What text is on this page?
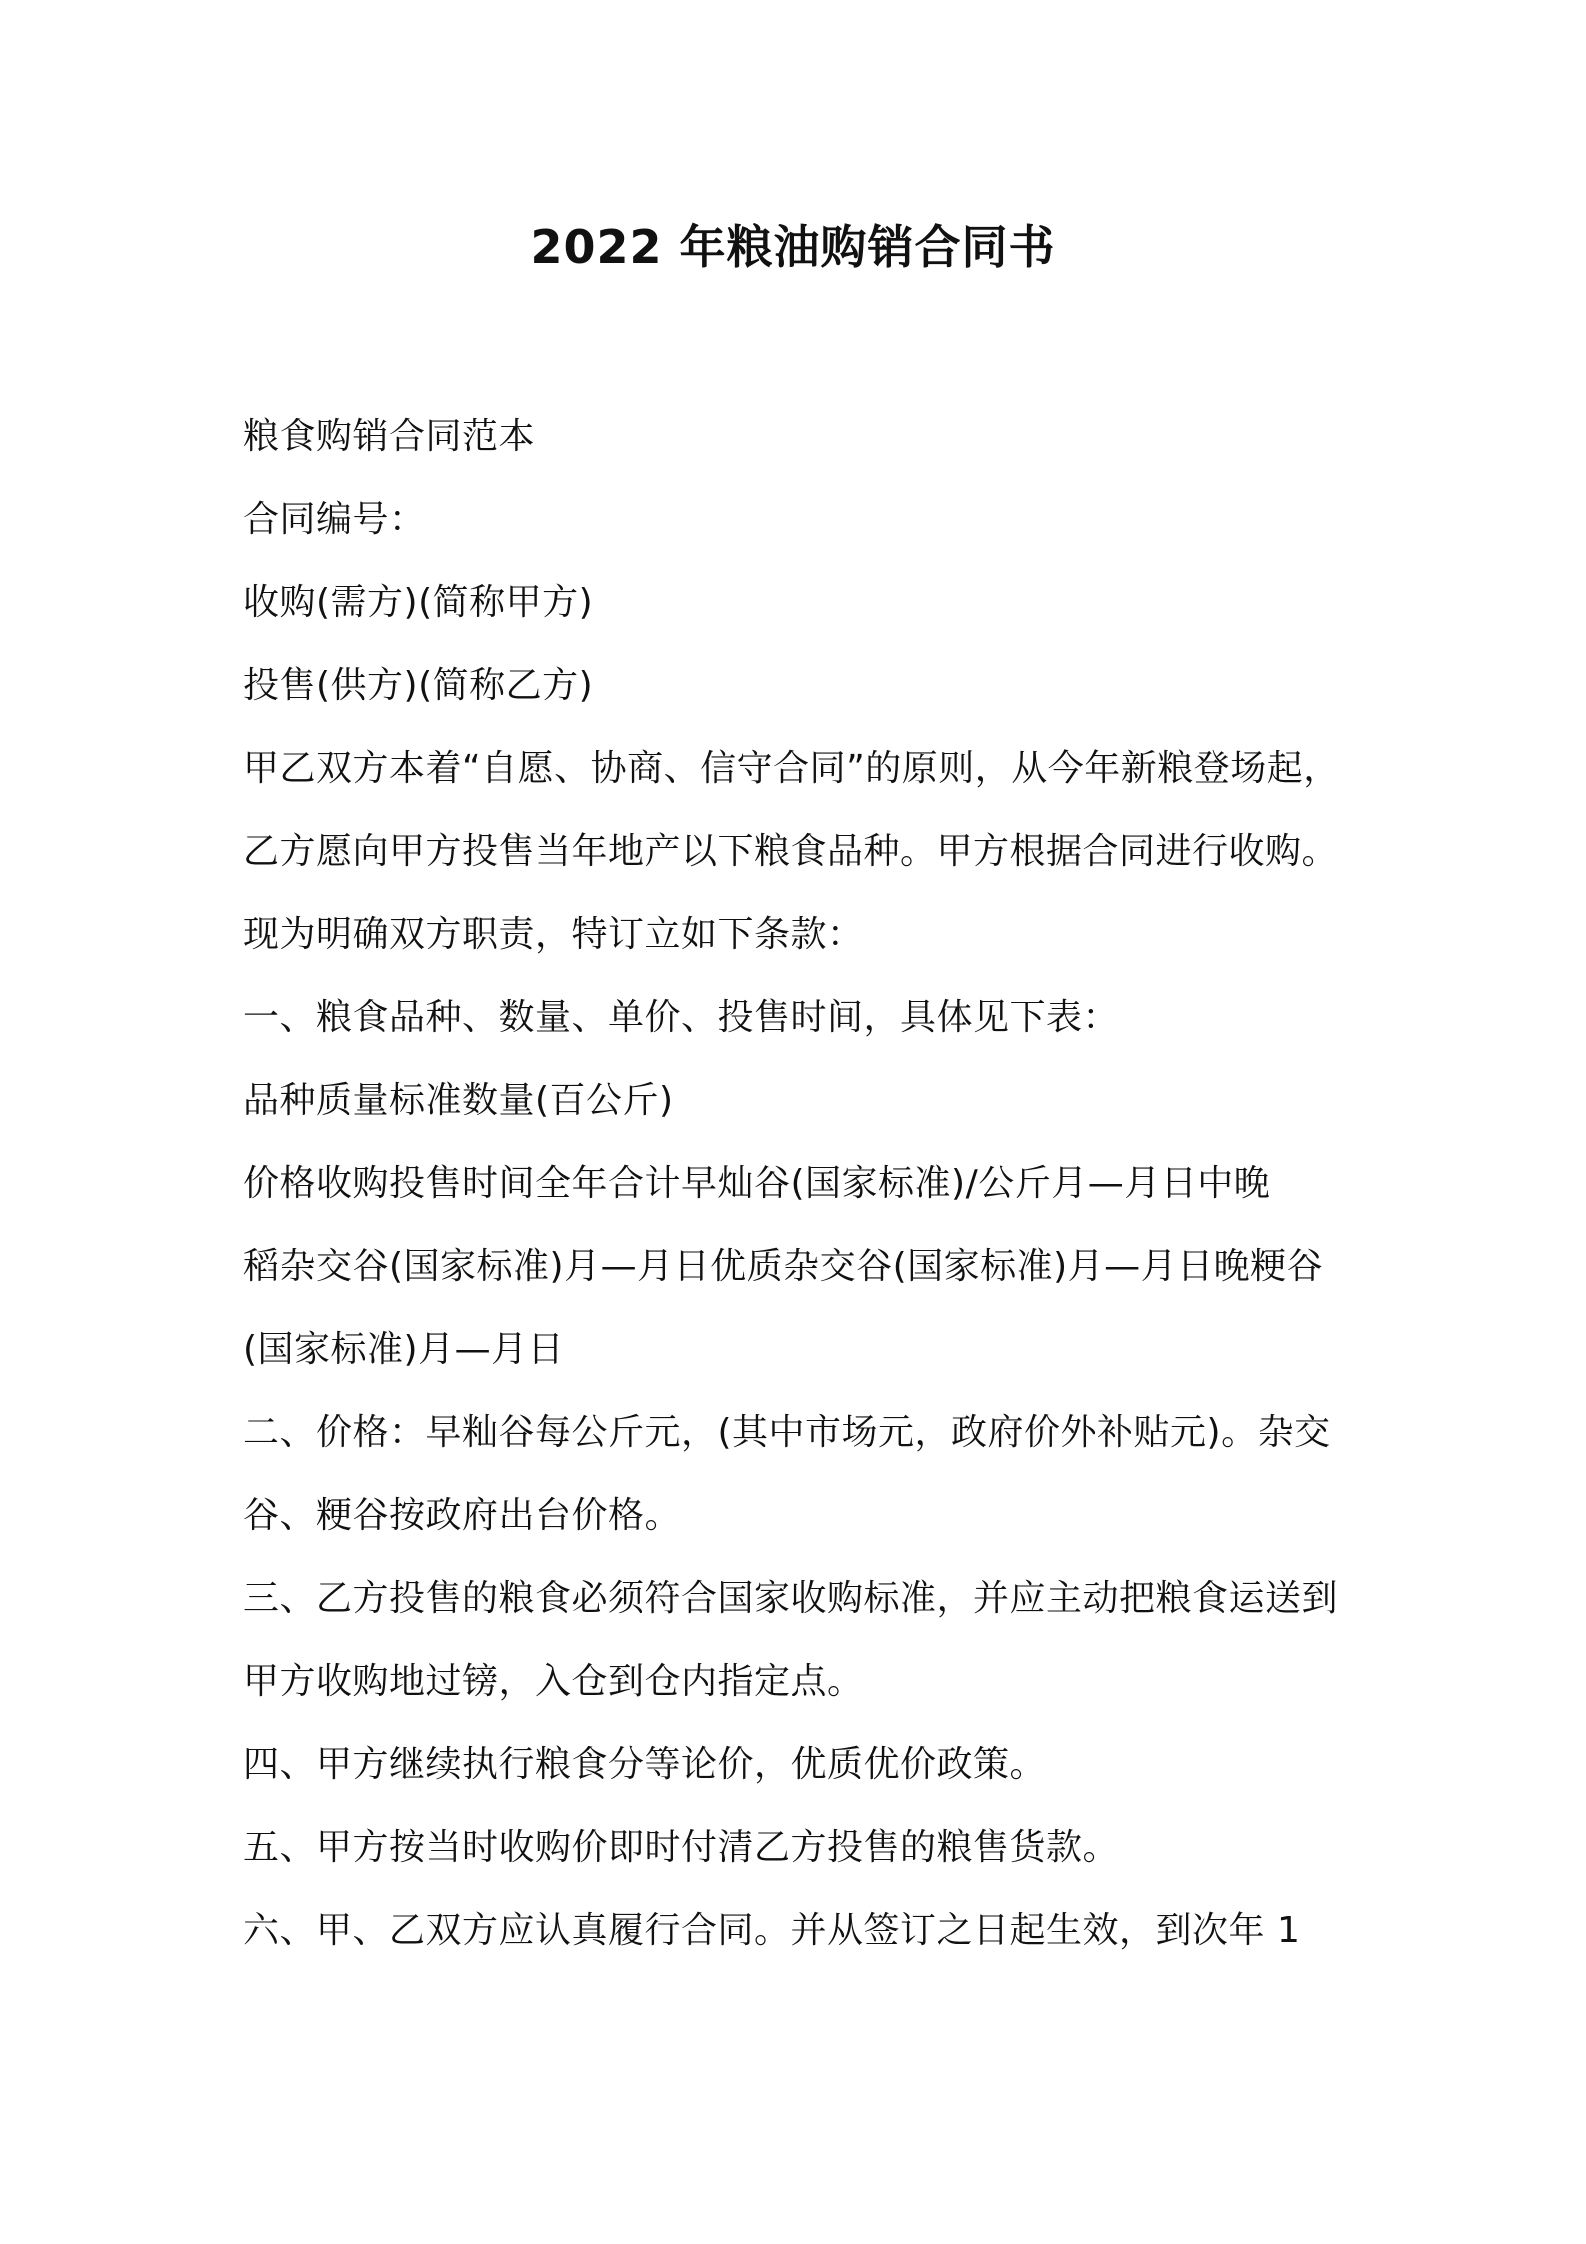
2022 年粮油购销合同书
粮食购销合同范本
合同编号：
收购(需方)(简称甲方)
投售(供方)(简称乙方)
甲乙双方本着“自愿、协商、信守合同”的原则，从今年新粮登场起，
乙方愿向甲方投售当年地产以下粮食品种。甲方根据合同进行收购。
现为明确双方职责，特订立如下条款：
一、粮食品种、数量、单价、投售时间，具体见下表：
品种质量标准数量(百公斤)
价格收购投售时间全年合计早灿谷(国家标准)/公斤月—月日中晚
稻杂交谷(国家标准)月—月日优质杂交谷(国家标准)月—月日晚粳谷
(国家标准)月—月日
二、价格：早籼谷每公斤元，(其中市场元，政府价外补贴元)。杂交
谷、粳谷按政府出台价格。
三、乙方投售的粮食必须符合国家收购标准，并应主动把粮食运送到
甲方收购地过镑，入仓到仓内指定点。
四、甲方继续执行粮食分等论价，优质优价政策。
五、甲方按当时收购价即时付清乙方投售的粮售货款。
六、甲、乙双方应认真履行合同。并从签订之日起生效，到次年 1
